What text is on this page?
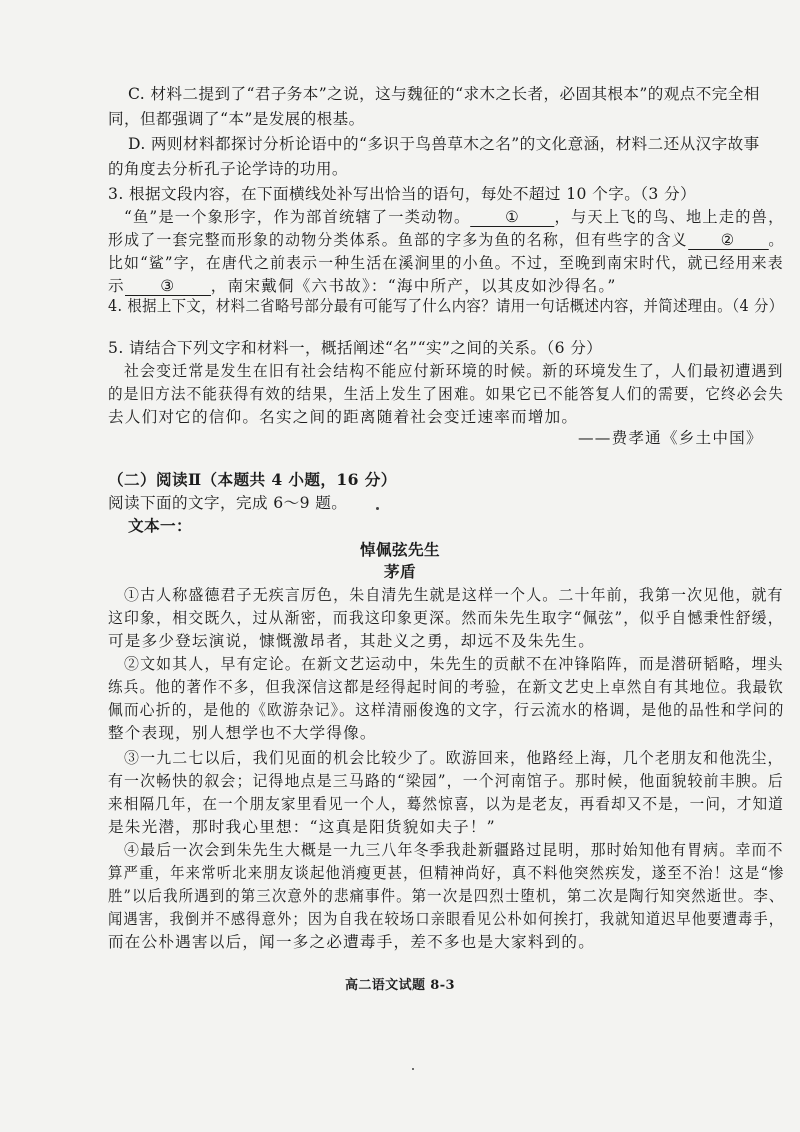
C. 材料二提到了“君子务本”之说，这与魏征的“求木之长者，必固其根本”的观点不完全相
同，但都强调了“本”是发展的根基。
D. 两则材料都探讨分析论语中的“多识于鸟兽草木之名”的文化意涵，材料二还从汉字故事
的角度去分析孔子论学诗的功用。
3. 根据文段内容，在下面横线处补写出恰当的语句，每处不超过 10 个字。（3 分）
“鱼”是一个象形字，作为部首统辖了一类动物。 ① ，与天上飞的鸟、地上走的兽，
形成了一套完整而形象的动物分类体系。鱼部的字多为鱼的名称，但有些字的含义 ② 。
比如“鲨”字，在唐代之前表示一种生活在溪涧里的小鱼。不过，至晚到南宋时代，就已经用来表
示 ③ ，南宋戴侗《六书故》：“海中所产，以其皮如沙得名。”
4. 根据上下文，材料二省略号部分最有可能写了什么内容？请用一句话概述内容，并简述理由。（4 分）
5. 请结合下列文字和材料一，概括阐述“名”“实”之间的关系。（6 分）
社会变迁常是发生在旧有社会结构不能应付新环境的时候。新的环境发生了，人们最初遭遇到
的是旧方法不能获得有效的结果，生活上发生了困难。如果它已不能答复人们的需要，它终必会失
去人们对它的信仰。名实之间的距离随着社会变迁速率而增加。
——费孝通《乡土中国》
（二）阅读Ⅱ（本题共 4 小题，16 分）
阅读下面的文字，完成 6～9 题。
文本一：
悼佩弦先生
茅盾
①古人称盛德君子无疾言厉色，朱自清先生就是这样一个人。二十年前，我第一次见他，就有
这印象，相交既久，过从渐密，而我这印象更深。然而朱先生取字“佩弦”，似乎自憾秉性舒缓，
可是多少登坛演说，慷慨激昂者，其赴义之勇，却远不及朱先生。
②文如其人，早有定论。在新文艺运动中，朱先生的贡献不在冲锋陷阵，而是潜研韬略，埋头
练兵。他的著作不多，但我深信这都是经得起时间的考验，在新文艺史上卓然自有其地位。我最钦
佩而心折的，是他的《欧游杂记》。这样清丽俊逸的文字，行云流水的格调，是他的品性和学问的
整个表现，别人想学也不大学得像。
③一九二七以后，我们见面的机会比较少了。欧游回来，他路经上海，几个老朋友和他洗尘，
有一次畅快的叙会；记得地点是三马路的“梁园”，一个河南馆子。那时候，他面貌较前丰腴。后
来相隔几年，在一个朋友家里看见一个人，蓦然惊喜，以为是老友，再看却又不是，一问，才知道
是朱光潜，那时我心里想：“这真是阳货貌如夫子！”
④最后一次会到朱先生大概是一九三八年冬季我赴新疆路过昆明，那时始知他有胃病。幸而不
算严重，年来常听北来朋友谈起他消瘦更甚，但精神尚好，真不料他突然疾发，遂至不治！这是“惨
胜”以后我所遇到的第三次意外的悲痛事件。第一次是四烈士堕机，第二次是陶行知突然逝世。李、
闻遇害，我倒并不感得意外；因为自我在较场口亲眼看见公朴如何挨打，我就知道迟早他要遭毒手，
而在公朴遇害以后，闻一多之必遭毒手，差不多也是大家料到的。
高二语文试题 8-3
